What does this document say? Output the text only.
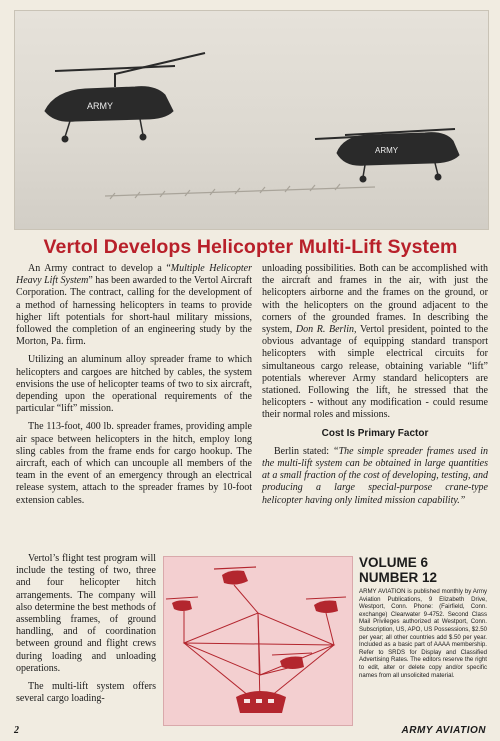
ARMY
ARMY
Vertol Develops Helicopter Multi-Lift System

An Army contract to develop a “Multiple Helicopter Heavy Lift System” has been awarded to the Vertol Aircraft Corporation. The contract, calling for the development of a method of harnessing helicopters in teams to provide higher lift potentials for short-haul military missions, followed the completion of an engineering study by the Morton, Pa. firm.

Utilizing an aluminum alloy spreader frame to which helicopters and cargoes are hitched by cables, the system envisions the use of helicopter teams of two to six aircraft, depending upon the operational requirements of the particular “lift” mission.

The 113-foot, 400 lb. spreader frames, providing ample air space between helicopters in the hitch, employ long sling cables from the frame ends for cargo hookup. The aircraft, each of which can uncouple all members of the team in the event of an emergency through an electrical release system, attach to the spreader frames by 10-foot extension cables.

unloading possibilities. Both can be accomplished with the aircraft and frames in the air, with just the helicopters airborne and the frames on the ground, or with the helicopters on the ground adjacent to the corners of the grounded frames. In describing the system, Don R. Berlin, Vertol president, pointed to the obvious advantage of equipping standard transport helicopters with simple electrical circuits for simultaneous cargo release, obtaining variable “lift” potentials wherever Army standard helicopters are stationed. Following the lift, he stressed that the helicopters - without any modification - could resume their normal roles and missions.

Cost Is Primary Factor

Berlin stated: “The simple spreader frames used in the multi-lift system can be obtained in large quantities at a small fraction of the cost of developing, testing, and producing a large special-purpose crane-type helicopter having only limited mission capability.”

Vertol’s flight test program will include the testing of two, three and four helicopter hitch arrangements. The company will also determine the best methods of assembling frames, of ground handling, and of coordination between ground and flight crews during loading and unloading operations.

The multi-lift system offers several cargo loading-

VOLUME 6
NUMBER 12
ARMY AVIATION is published monthly by Army Aviation Publications, 9 Elizabeth Drive, Westport, Conn. Phone: (Fairfield, Conn. exchange) Clearwater 9-4752. Second Class Mail Privileges authorized at Westport, Conn. Subscription, US, APO, US Possessions, $2.50 per year; all other countries add $.50 per year. Included as a basic part of AAAA membership. Refer to SRDS for Display and Classified Advertising Rates. The editors reserve the right to edit, alter or delete copy and/or specific names from all unsolicited material.
2	ARMY AVIATION
